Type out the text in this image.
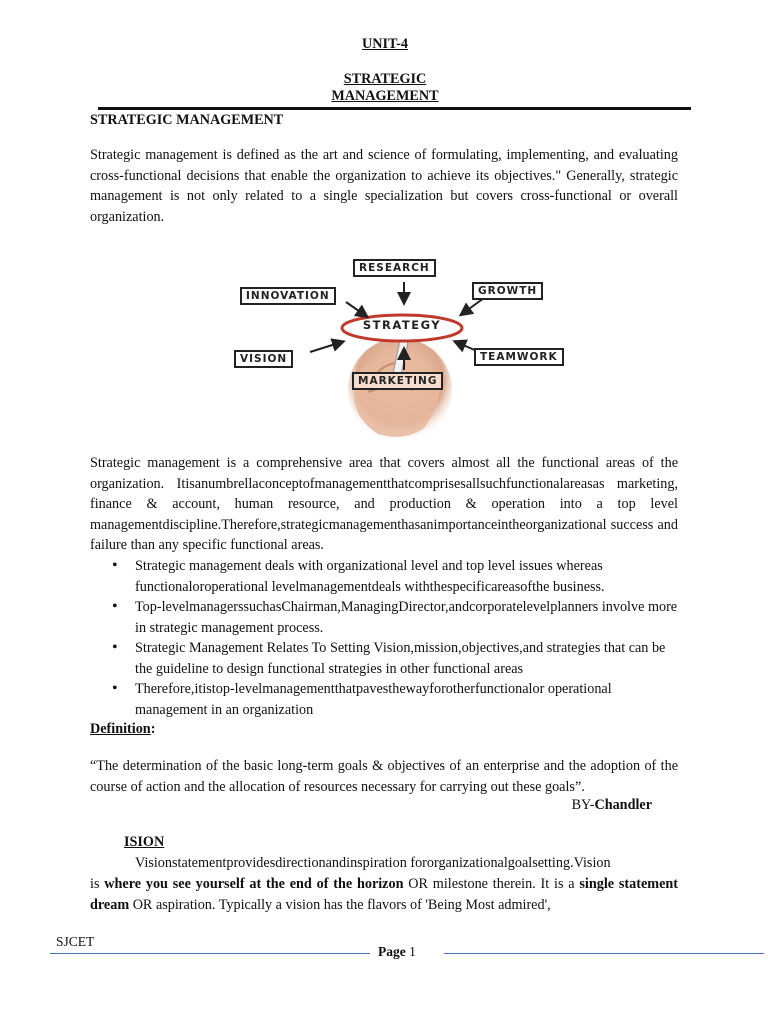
UNIT-4
STRATEGIC
MANAGEMENT
STRATEGIC MANAGEMENT
Strategic management is defined as the art and science of formulating, implementing, and evaluating cross-functional decisions that enable the organization to achieve its objectives." Generally, strategic management is not only related to a single specialization but covers cross-functional or overall organization.
STRATEGY
RESEARCH
INNOVATION	GROWTH
VISION	TEAMWORK
MARKETING
Strategic management is a comprehensive area that covers almost all the functional areas of the organization. Itisanumbrellaconceptofmanagementthatcomprisesallsuchfunctionalareasas marketing, finance & account, human resource, and production & operation into a top level managementdiscipline.Therefore,strategicmanagementhasanimportanceintheorganizational success and failure than any specific functional areas.
• Strategic management deals with organizational level and top level issues whereas functionaloroperational levelmanagementdeals withthespecificareasofthe business.
• Top-levelmanagerssuchasChairman,ManagingDirector,andcorporatelevelplanners involve more in strategic management process.
• Strategic Management Relates To Setting Vision,mission,objectives,and strategies that can be the guideline to design functional strategies in other functional areas
• Therefore,itistop-levelmanagementthatpavesthewayforotherfunctionalor operational management in an organization
Definition:
“The determination of the basic long-term goals & objectives of an enterprise and the adoption of the course of action and the allocation of resources necessary for carrying out these goals”.
BY-Chandler
ISION
Visionstatementprovidesdirectionandinspiration fororganizationalgoalsetting.Vision
is where you see yourself at the end of the horizon OR milestone therein. It is a single statement dream OR aspiration. Typically a vision has the flavors of 'Being Most admired',
SJCET
Page 1
